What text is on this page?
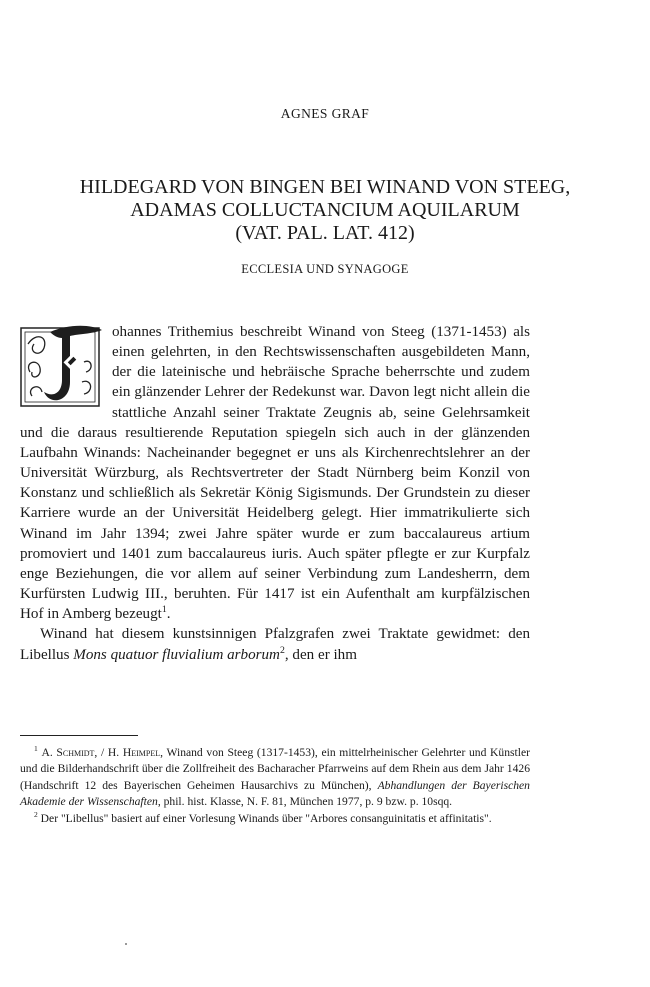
AGNES GRAF
HILDEGARD VON BINGEN BEI WINAND VON STEEG,
ADAMAS COLLUCTANCIUM AQUILARUM
(VAT. PAL. LAT. 412)
ECCLESIA UND SYNAGOGE

ohannes Trithemius beschreibt Winand von Steeg (1371-1453) als einen gelehrten, in den Rechtswissenschaften ausgebildeten Mann, der die lateinische und hebräische Sprache beherrschte und zudem ein glänzender Lehrer der Redekunst war. Davon legt nicht allein die stattliche Anzahl seiner Traktate Zeugnis ab, seine Gelehrsamkeit und die daraus resultierende Reputation spiegeln sich auch in der glänzenden Laufbahn Winands: Nacheinander begegnet er uns als Kirchenrechtslehrer an der Universität Würzburg, als Rechtsvertreter der Stadt Nürnberg beim Konzil von Konstanz und schließlich als Sekretär König Sigismunds. Der Grundstein zu dieser Karriere wurde an der Universität Heidelberg gelegt. Hier immatrikulierte sich Winand im Jahr 1394; zwei Jahre später wurde er zum baccalaureus artium promoviert und 1401 zum baccalaureus iuris. Auch später pflegte er zur Kurpfalz enge Beziehungen, die vor allem auf seiner Verbindung zum Landesherrn, dem Kurfürsten Ludwig III., beruhten. Für 1417 ist ein Aufenthalt am kurpfälzischen Hof in Amberg bezeugt$^1$.

Winand hat diesem kunstsinnigen Pfalzgrafen zwei Traktate gewidmet: den Libellus Mons quatuor fluvialium arborum$^2$, den er ihm

$^1$ A. Schmidt, / H. Heimpel, Winand von Steeg (1317-1453), ein mittelrheinischer Gelehrter und Künstler und die Bilderhandschrift über die Zollfreiheit des Bacharacher Pfarrweins auf dem Rhein aus dem Jahr 1426 (Handschrift 12 des Bayerischen Geheimen Hausarchivs zu München), Abhandlungen der Bayerischen Akademie der Wissenschaften, phil. hist. Klasse, N. F. 81, München 1977, p. 9 bzw. p. 10sqq.

$^2$ Der "Libellus" basiert auf einer Vorlesung Winands über "Arbores consanguinitatis et affinitatis".
